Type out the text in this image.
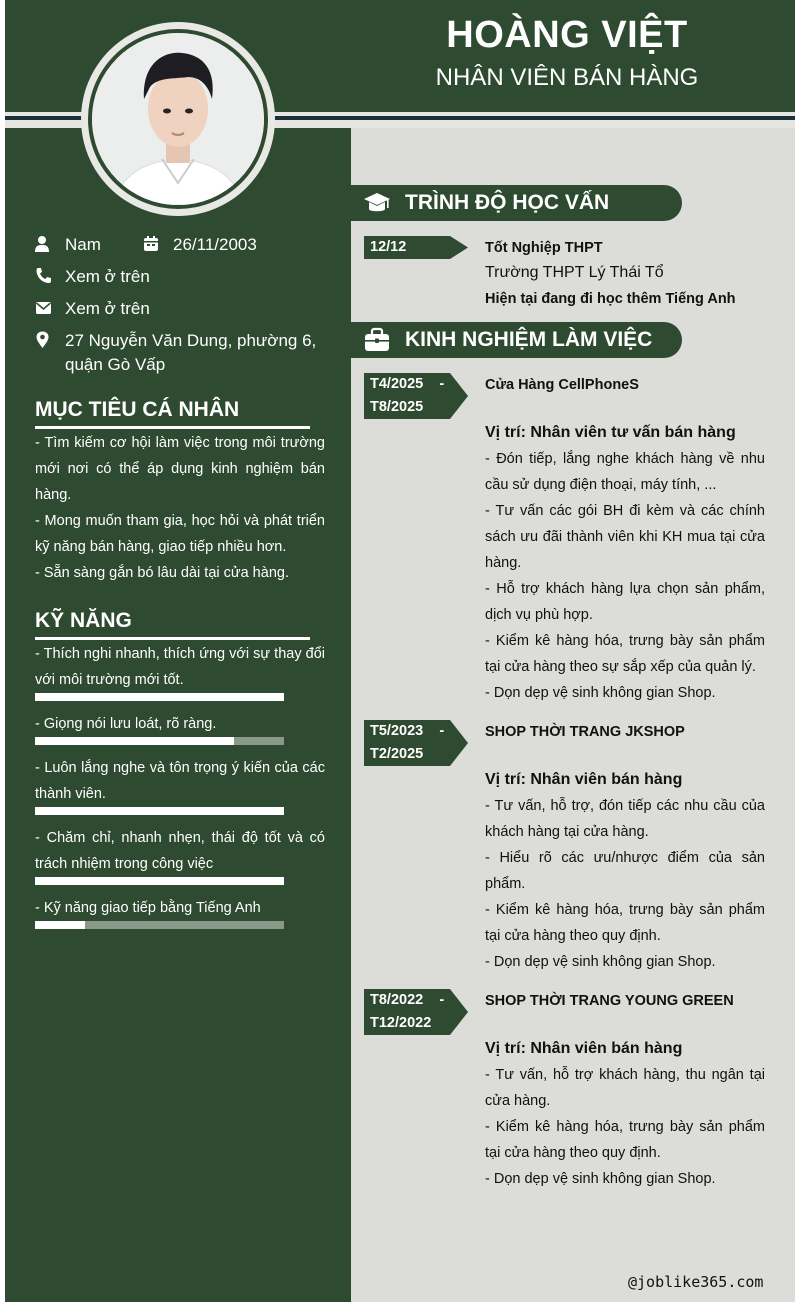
HOÀNG VIỆT
NHÂN VIÊN BÁN HÀNG
Nam	26/11/2003
Xem ở trên
Xem ở trên
27 Nguyễn Văn Dung, phường 6, quận Gò Vấp
MỤC TIÊU CÁ NHÂN
- Tìm kiếm cơ hội làm việc trong môi trường mới nơi có thể áp dụng kinh nghiệm bán hàng.
- Mong muốn tham gia, học hỏi và phát triển kỹ năng bán hàng, giao tiếp nhiều hơn.
- Sẵn sàng gắn bó lâu dài tại cửa hàng.
KỸ NĂNG
- Thích nghi nhanh, thích ứng với sự thay đổi với môi trường mới tốt.
- Giọng nói lưu loát, rõ ràng.
- Luôn lắng nghe và tôn trọng ý kiến của các thành viên.
- Chăm chỉ, nhanh nhẹn, thái độ tốt và có trách nhiệm trong công việc
- Kỹ năng giao tiếp bằng Tiếng Anh
TRÌNH ĐỘ HỌC VẤN
12/12	Tốt Nghiệp THPT
Trường THPT Lý Thái Tổ
Hiện tại đang đi học thêm Tiếng Anh
KINH NGHIỆM LÀM VIỆC
T4/2025    -
T8/2025
Cửa Hàng CellPhoneS
Vị trí: Nhân viên tư vấn bán hàng
- Đón tiếp, lắng nghe khách hàng về nhu cầu sử dụng điện thoại, máy tính, ...
- Tư vấn các gói BH đi kèm và các chính sách ưu đãi thành viên khi KH mua tại cửa hàng.
- Hỗ trợ khách hàng lựa chọn sản phẩm, dịch vụ phù hợp.
- Kiểm kê hàng hóa, trưng bày sản phẩm tại cửa hàng theo sự sắp xếp của quản lý.
- Dọn dẹp vệ sinh không gian Shop.
T5/2023    -
T2/2025
SHOP THỜI TRANG JKSHOP
Vị trí: Nhân viên bán hàng
- Tư vấn, hỗ trợ, đón tiếp các nhu cầu của khách hàng tại cửa hàng.
- Hiểu rõ các ưu/nhược điểm của sản phẩm.
- Kiểm kê hàng hóa, trưng bày sản phẩm tại cửa hàng theo quy định.
- Dọn dẹp vệ sinh không gian Shop.
T8/2022    -
T12/2022
SHOP THỜI TRANG YOUNG GREEN
Vị trí: Nhân viên bán hàng
- Tư vấn, hỗ trợ khách hàng, thu ngân tại cửa hàng.
- Kiểm kê hàng hóa, trưng bày sản phẩm tại cửa hàng theo quy định.
- Dọn dẹp vệ sinh không gian Shop.
@joblike365.com
